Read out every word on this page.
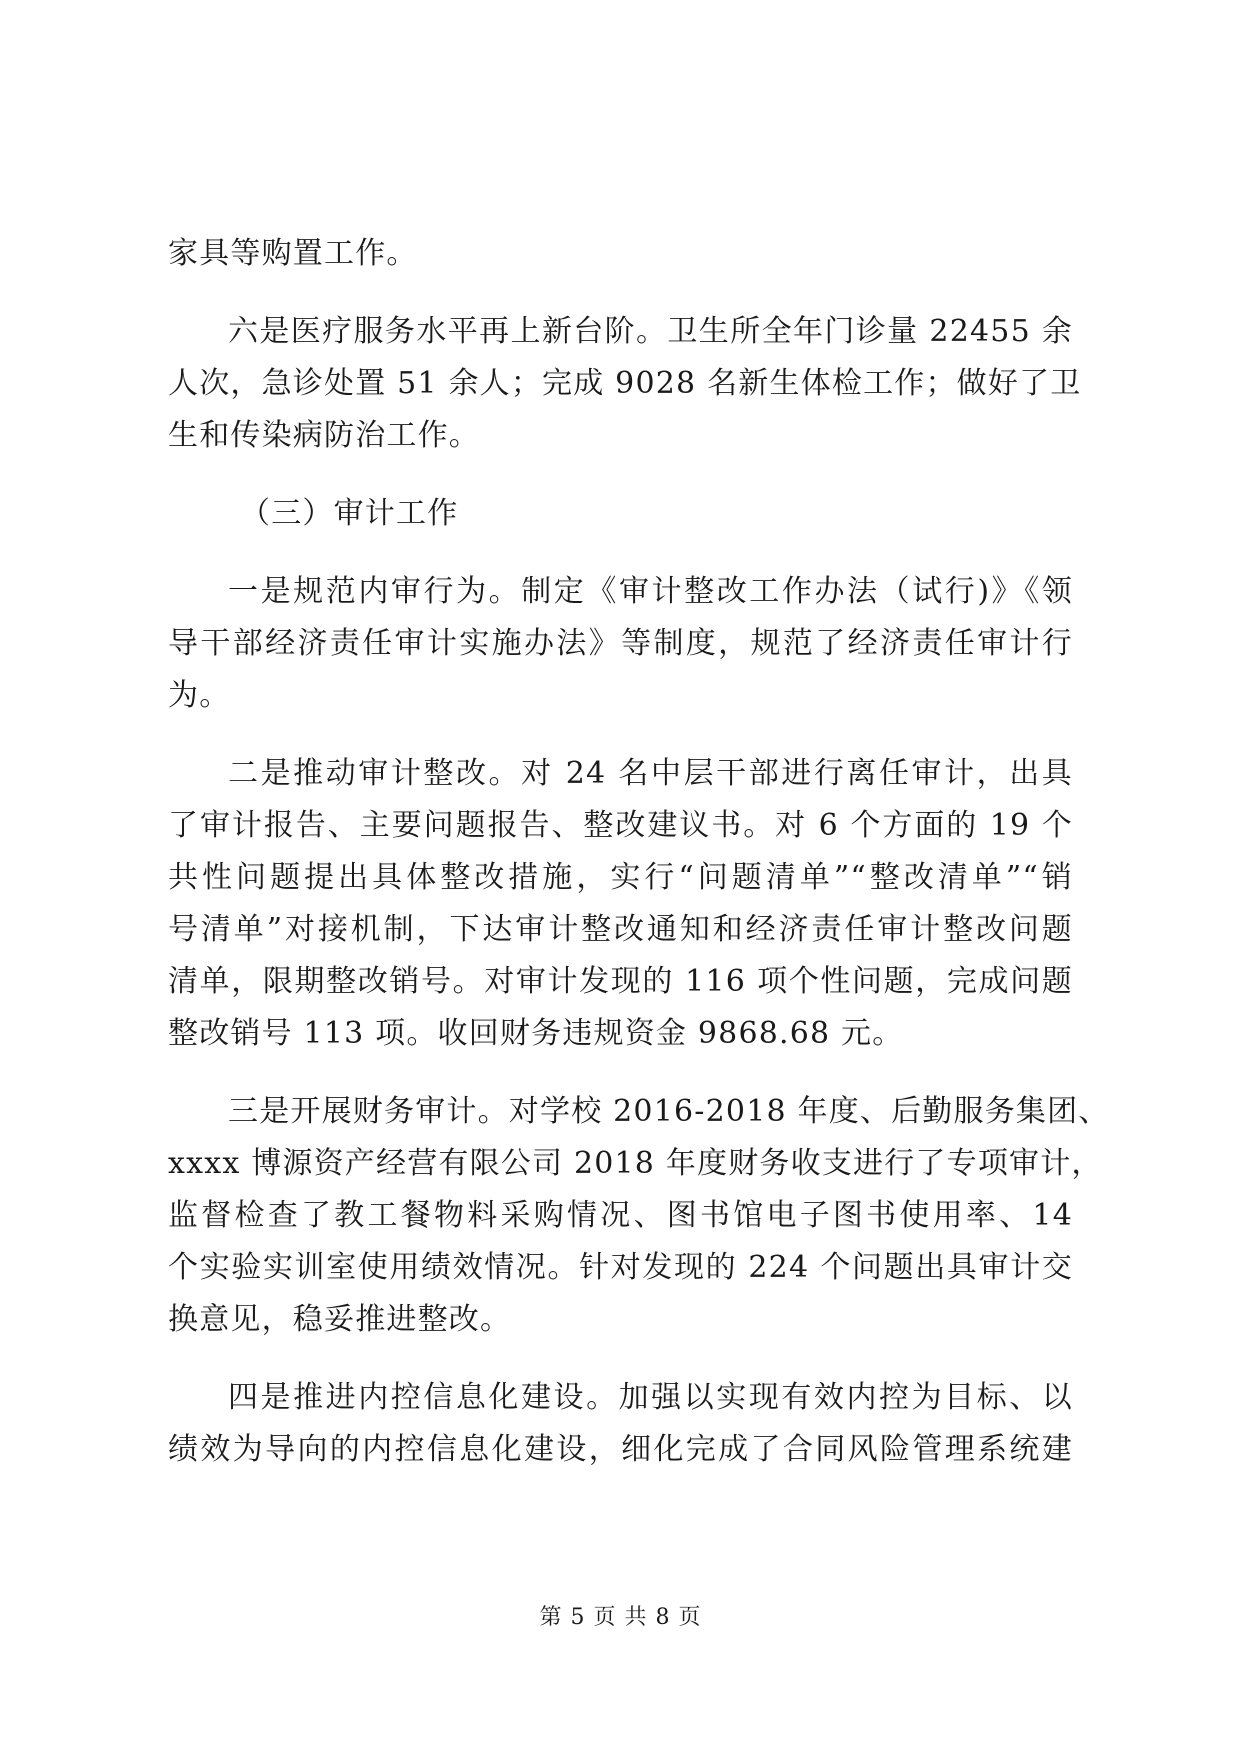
家具等购置工作。

六是医疗服务水平再上新台阶。卫生所全年门诊量 22455 余

人次，急诊处置 51 余人；完成 9028 名新生体检工作；做好了卫

生和传染病防治工作。

（三）审计工作

一是规范内审行为。制定《审计整改工作办法（试行)》《领

导干部经济责任审计实施办法》等制度，规范了经济责任审计行

为。

二是推动审计整改。对 24 名中层干部进行离任审计，出具

了审计报告、主要问题报告、整改建议书。对 6 个方面的 19 个

共性问题提出具体整改措施，实行“问题清单”“整改清单”“销

号清单”对接机制，下达审计整改通知和经济责任审计整改问题

清单，限期整改销号。对审计发现的 116 项个性问题，完成问题

整改销号 113 项。收回财务违规资金 9868.68 元。

三是开展财务审计。对学校 2016-2018 年度、后勤服务集团、

xxxx 博源资产经营有限公司 2018 年度财务收支进行了专项审计，

监督检查了教工餐物料采购情况、图书馆电子图书使用率、14

个实验实训室使用绩效情况。针对发现的 224 个问题出具审计交

换意见，稳妥推进整改。

四是推进内控信息化建设。加强以实现有效内控为目标、以

绩效为导向的内控信息化建设，细化完成了合同风险管理系统建

第 5 页 共 8 页
